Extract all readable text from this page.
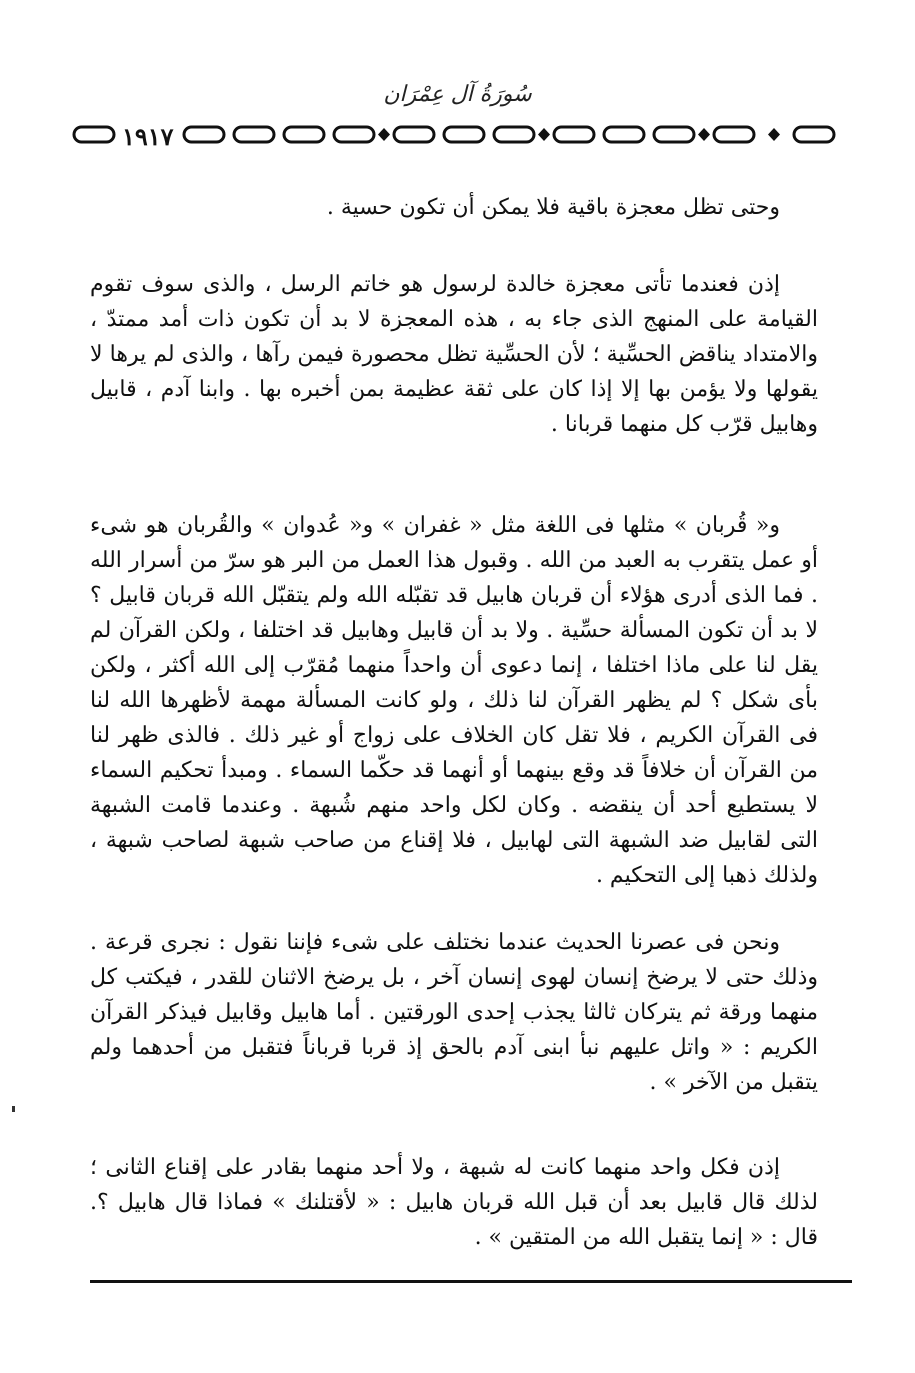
سُورَةُ آل عِمْرَان
١٩١٧

وحتى تظل معجزة باقية فلا يمكن أن تكون حسية .

إذن فعندما تأتى معجزة خالدة لرسول هو خاتم الرسل ، والذى سوف تقوم القيامة على المنهج الذى جاء به ، هذه المعجزة لا بد أن تكون ذات أمد ممتدّ ، والامتداد يناقض الحسِّية ؛ لأن الحسِّية تظل محصورة فيمن رآها ، والذى لم يرها لا يقولها ولا يؤمن بها إلا إذا كان على ثقة عظيمة بمن أخبره بها . وابنا آدم ، قابيل وهابيل قرّب كل منهما قربانا .

و« قُربان » مثلها فى اللغة مثل « غفران » و« عُدوان » والقُربان هو شىء أو عمل يتقرب به العبد من الله . وقبول هذا العمل من البر هو سرّ من أسرار الله . فما الذى أدرى هؤلاء أن قربان هابيل قد تقبّله الله ولم يتقبّل الله قربان قابيل ؟ لا بد أن تكون المسألة حسِّية . ولا بد أن قابيل وهابيل قد اختلفا ، ولكن القرآن لم يقل لنا على ماذا اختلفا ، إنما دعوى أن واحداً منهما مُقرّب إلى الله أكثر ، ولكن بأى شكل ؟ لم يظهر القرآن لنا ذلك ، ولو كانت المسألة مهمة لأظهرها الله لنا فى القرآن الكريم ، فلا تقل كان الخلاف على زواج أو غير ذلك . فالذى ظهر لنا من القرآن أن خلافاً قد وقع بينهما أو أنهما قد حكّما السماء . ومبدأ تحكيم السماء لا يستطيع أحد أن ينقضه . وكان لكل واحد منهم شُبهة . وعندما قامت الشبهة التى لقابيل ضد الشبهة التى لهابيل ، فلا إقناع من صاحب شبهة لصاحب شبهة ، ولذلك ذهبا إلى التحكيم .

ونحن فى عصرنا الحديث عندما نختلف على شىء فإننا نقول : نجرى قرعة . وذلك حتى لا يرضخ إنسان لهوى إنسان آخر ، بل يرضخ الاثنان للقدر ، فيكتب كل منهما ورقة ثم يتركان ثالثا يجذب إحدى الورقتين . أما هابيل وقابيل فيذكر القرآن الكريم : « واتل عليهم نبأ ابنى آدم بالحق إذ قربا قرباناً فتقبل من أحدهما ولم يتقبل من الآخر » .

إذن فكل واحد منهما كانت له شبهة ، ولا أحد منهما بقادر على إقناع الثانى ؛ لذلك قال قابيل بعد أن قبل الله قربان هابيل : « لأقتلنك » فماذا قال هابيل ؟. قال : « إنما يتقبل الله من المتقين » .
